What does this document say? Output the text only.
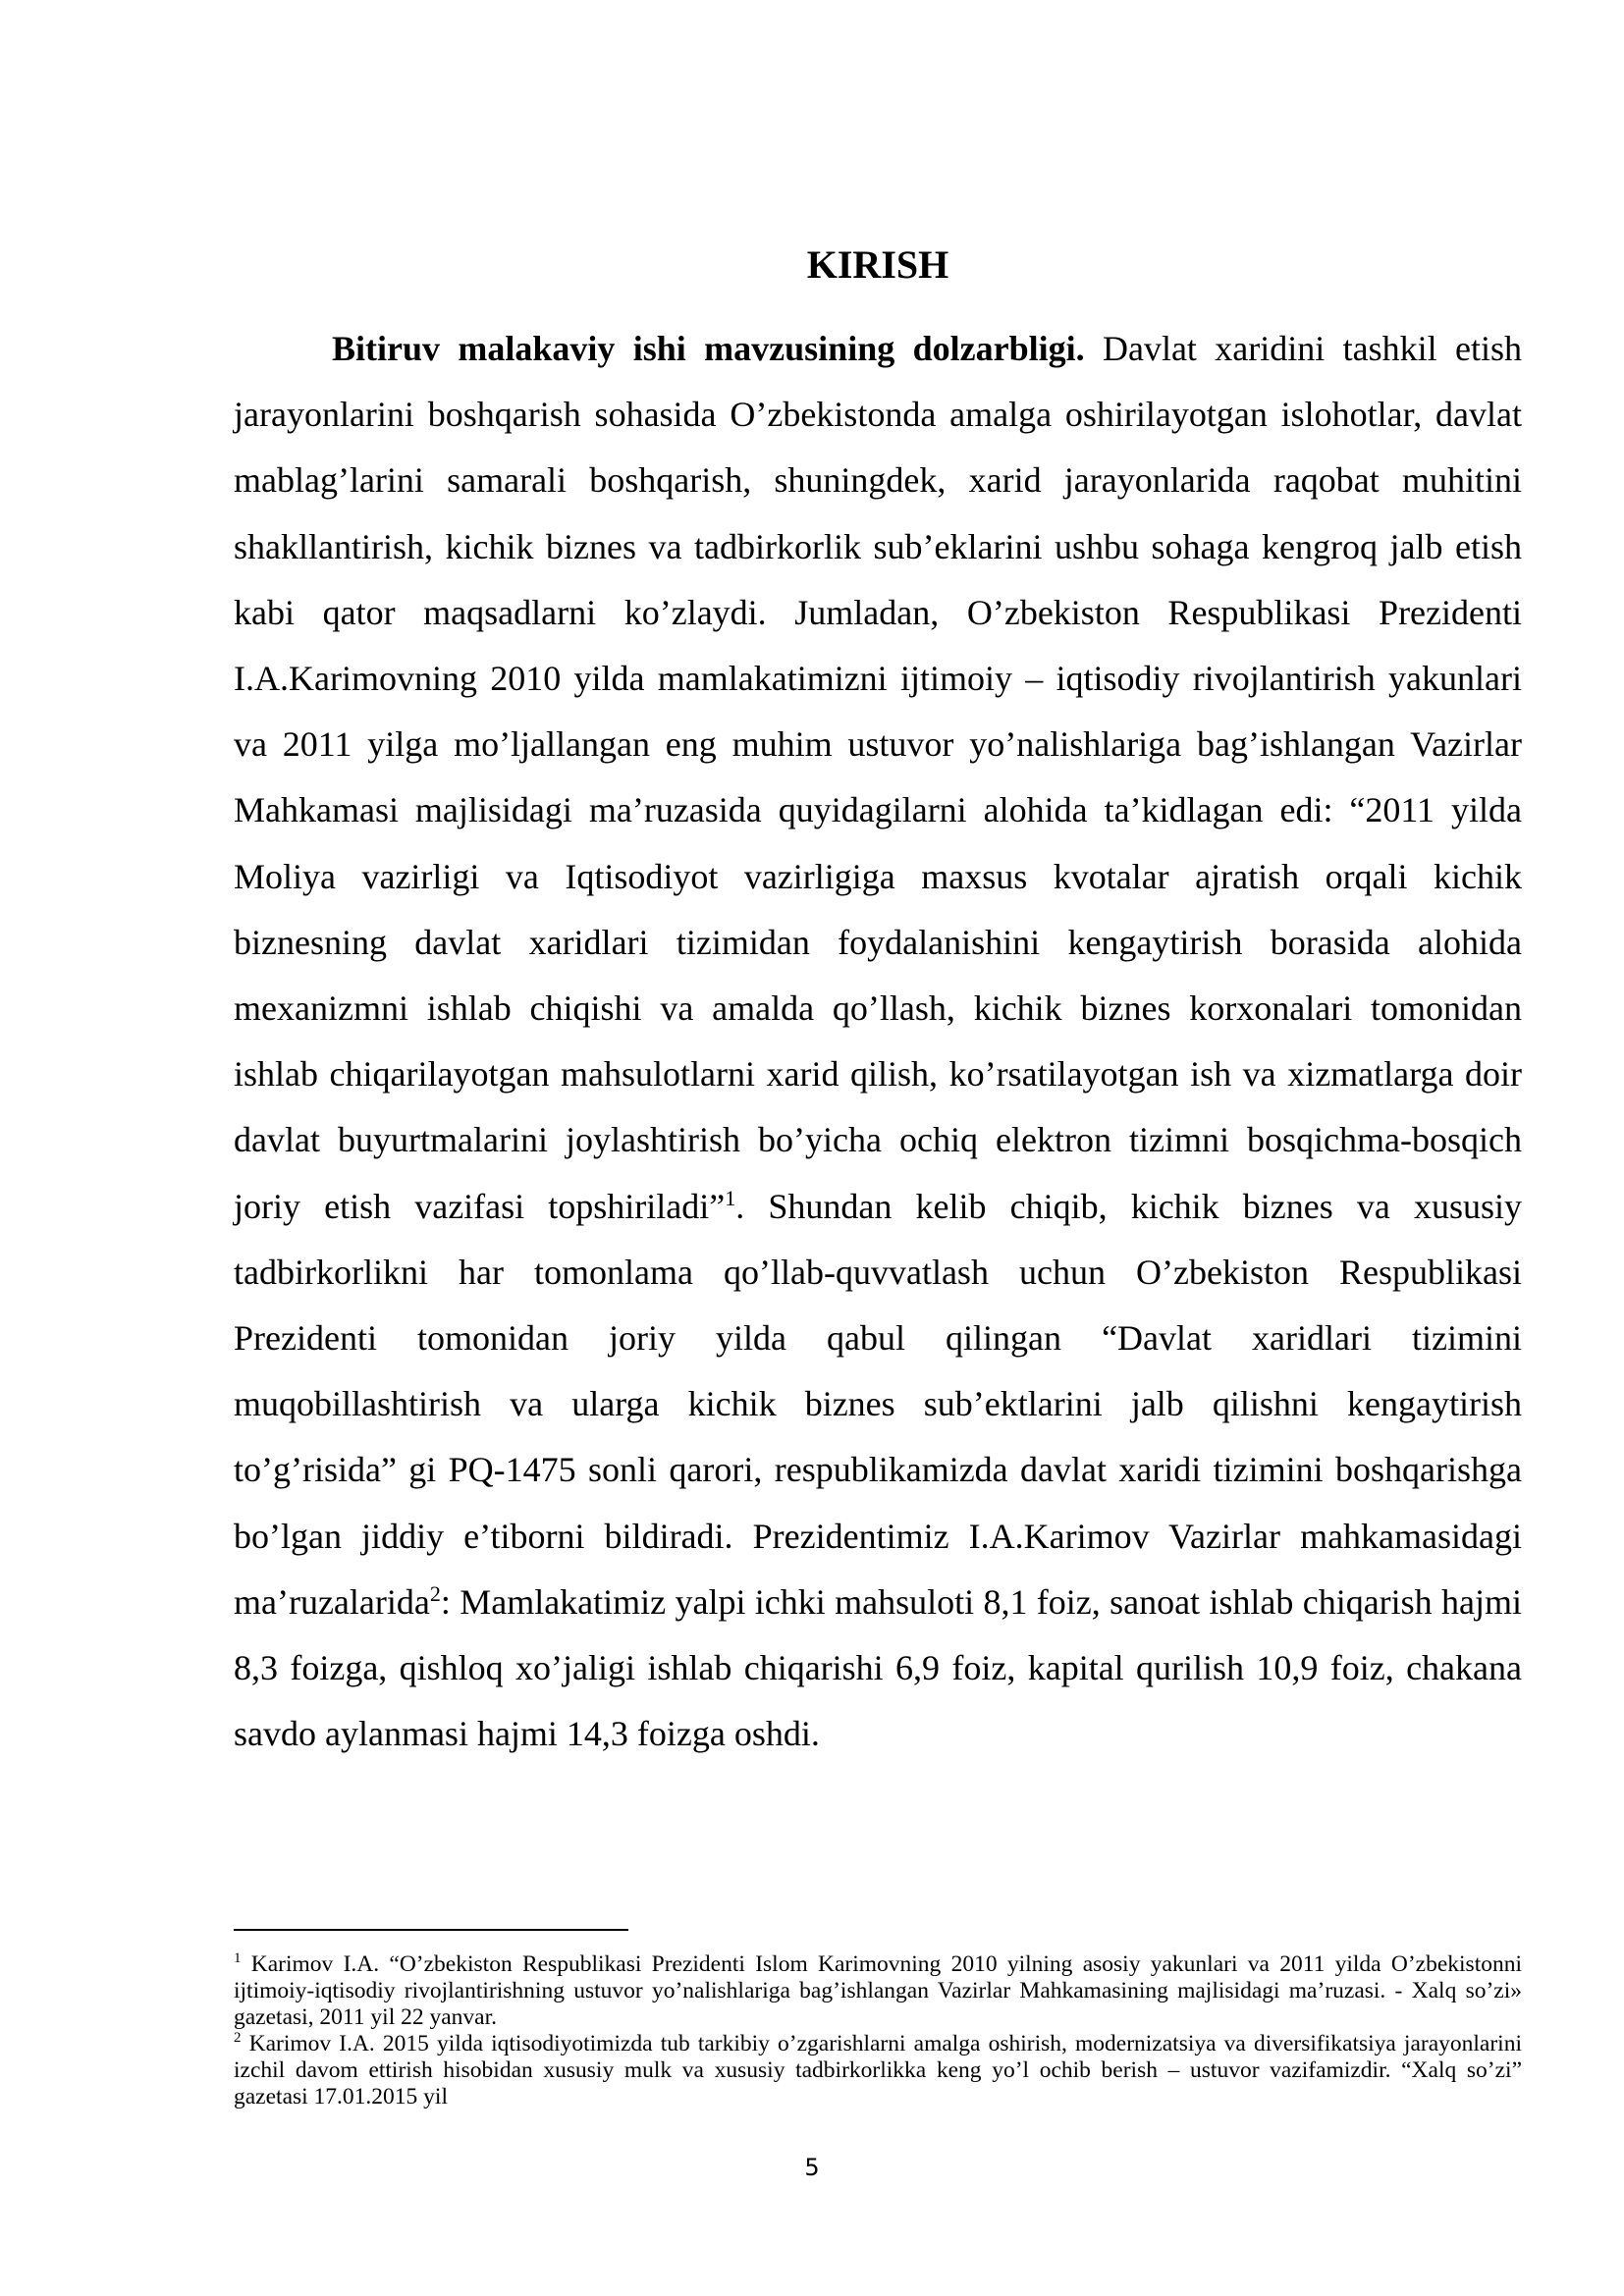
KIRISH

Bitiruv malakaviy ishi mavzusining dolzarbligi. Davlat xaridini tashkil etish jarayonlarini boshqarish sohasida O’zbekistonda amalga oshirilayotgan islohotlar, davlat mablag’larini samarali boshqarish, shuningdek, xarid jarayonlarida raqobat muhitini shakllantirish, kichik biznes va tadbirkorlik sub’eklarini ushbu sohaga kengroq jalb etish kabi qator maqsadlarni ko’zlaydi. Jumladan, O’zbekiston Respublikasi Prezidenti I.A.Karimovning 2010 yilda mamlakatimizni ijtimoiy – iqtisodiy rivojlantirish yakunlari va 2011 yilga mo’ljallangan eng muhim ustuvor yo’nalishlariga bag’ishlangan Vazirlar Mahkamasi majlisidagi ma’ruzasida quyidagilarni alohida ta’kidlagan edi: “2011 yilda Moliya vazirligi va Iqtisodiyot vazirligiga maxsus kvotalar ajratish orqali kichik biznesning davlat xaridlari tizimidan foydalanishini kengaytirish borasida alohida mexanizmni ishlab chiqishi va amalda qo’llash, kichik biznes korxonalari tomonidan ishlab chiqarilayotgan mahsulotlarni xarid qilish, ko’rsatilayotgan ish va xizmatlarga doir davlat buyurtmalarini joylashtirish bo’yicha ochiq elektron tizimni bosqichma-bosqich joriy etish vazifasi topshiriladi”$^1$. Shundan kelib chiqib, kichik biznes va xususiy tadbirkorlikni har tomonlama qo’llab-quvvatlash uchun O’zbekiston Respublikasi Prezidenti tomonidan joriy yilda qabul qilingan “Davlat xaridlari tizimini muqobillashtirish va ularga kichik biznes sub’ektlarini jalb qilishni kengaytirish to’g’risida” gi PQ-1475 sonli qarori, respublikamizda davlat xaridi tizimini boshqarishga bo’lgan jiddiy e’tiborni bildiradi. Prezidentimiz I.A.Karimov Vazirlar mahkamasidagi ma’ruzalarida$^2$: Mamlakatimiz yalpi ichki mahsuloti 8,1 foiz, sanoat ishlab chiqarish hajmi 8,3 foizga, qishloq xo’jaligi ishlab chiqarishi 6,9 foiz, kapital qurilish 10,9 foiz, chakana savdo aylanmasi hajmi 14,3 foizga oshdi.

$^1$ Karimov I.A. “O’zbekiston Respublikasi Prezidenti Islom Karimovning 2010 yilning asosiy yakunlari va 2011 yilda O’zbekistonni ijtimoiy-iqtisodiy rivojlantirishning ustuvor yo’nalishlariga bag’ishlangan Vazirlar Mahkamasining majlisidagi ma’ruzasi. - Xalq so’zi» gazetasi, 2011 yil 22 yanvar.

$^2$ Karimov I.A. 2015 yilda iqtisodiyotimizda tub tarkibiy o’zgarishlarni amalga oshirish, modernizatsiya va diversifikatsiya jarayonlarini izchil davom ettirish hisobidan xususiy mulk va xususiy tadbirkorlikka keng yo’l ochib berish – ustuvor vazifamizdir. “Xalq so’zi” gazetasi 17.01.2015 yil

5
